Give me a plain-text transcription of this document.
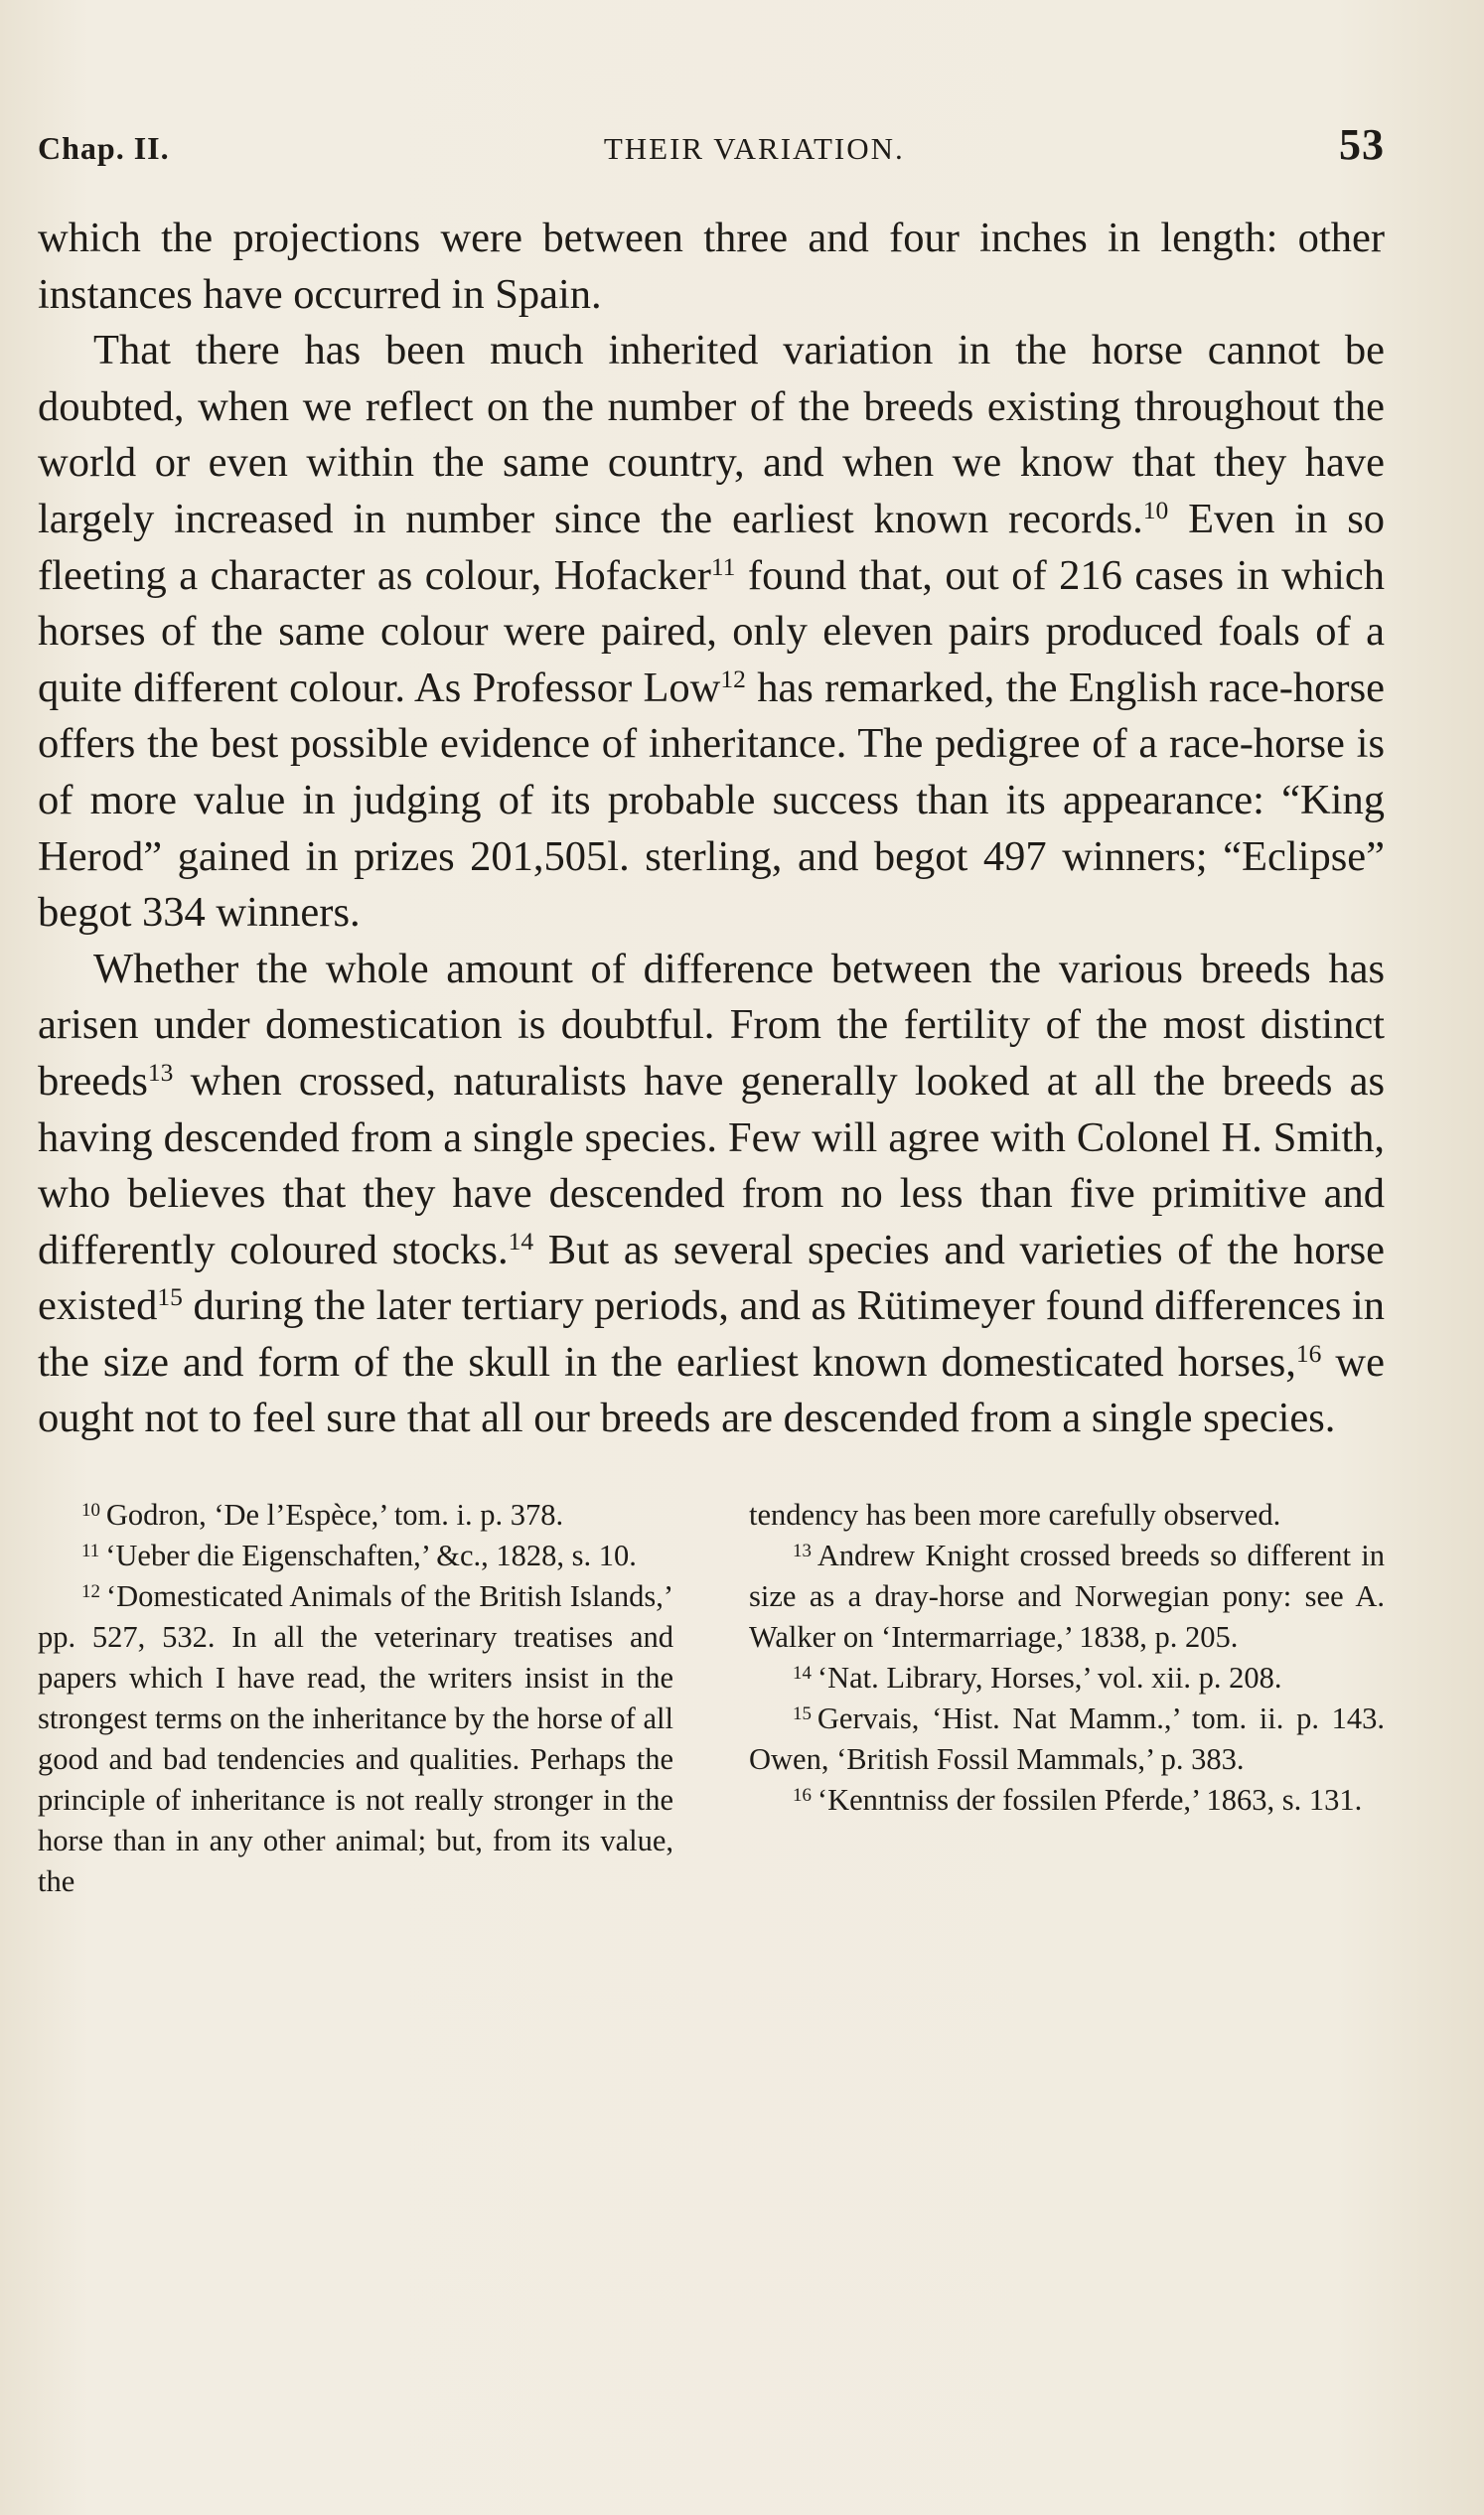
Chap. II.	THEIR VARIATION.	53

which the projections were between three and four inches in length: other instances have occurred in Spain.

That there has been much inherited variation in the horse cannot be doubted, when we reflect on the number of the breeds existing throughout the world or even within the same country, and when we know that they have largely increased in number since the earliest known records.$^{10}$ Even in so fleeting a character as colour, Hofacker$^{11}$ found that, out of 216 cases in which horses of the same colour were paired, only eleven pairs produced foals of a quite different colour. As Professor Low$^{12}$ has remarked, the English race-horse offers the best possible evidence of inheritance. The pedigree of a race-horse is of more value in judging of its probable success than its appearance: “King Herod” gained in prizes 201,505l. sterling, and begot 497 winners; “Eclipse” begot 334 winners.

Whether the whole amount of difference between the various breeds has arisen under domestication is doubtful. From the fertility of the most distinct breeds$^{13}$ when crossed, naturalists have generally looked at all the breeds as having descended from a single species. Few will agree with Colonel H. Smith, who believes that they have descended from no less than five primitive and differently coloured stocks.$^{14}$ But as several species and varieties of the horse existed$^{15}$ during the later tertiary periods, and as Rütimeyer found differences in the size and form of the skull in the earliest known domesticated horses,$^{16}$ we ought not to feel sure that all our breeds are descended from a single species.

$^{10}$ Godron, ‘De l’Espèce,’ tom. i. p. 378.

$^{11}$ ‘Ueber die Eigenschaften,’ &c., 1828, s. 10.

$^{12}$ ‘Domesticated Animals of the British Islands,’ pp. 527, 532. In all the veterinary treatises and papers which I have read, the writers insist in the strongest terms on the inheritance by the horse of all good and bad tendencies and qualities. Perhaps the principle of inheritance is not really stronger in the horse than in any other animal; but, from its value, the

tendency has been more carefully observed.

$^{13}$ Andrew Knight crossed breeds so different in size as a dray-horse and Norwegian pony: see A. Walker on ‘Intermarriage,’ 1838, p. 205.

$^{14}$ ‘Nat. Library, Horses,’ vol. xii. p. 208.

$^{15}$ Gervais, ‘Hist. Nat Mamm.,’ tom. ii. p. 143. Owen, ‘British Fossil Mammals,’ p. 383.

$^{16}$ ‘Kenntniss der fossilen Pferde,’ 1863, s. 131.
